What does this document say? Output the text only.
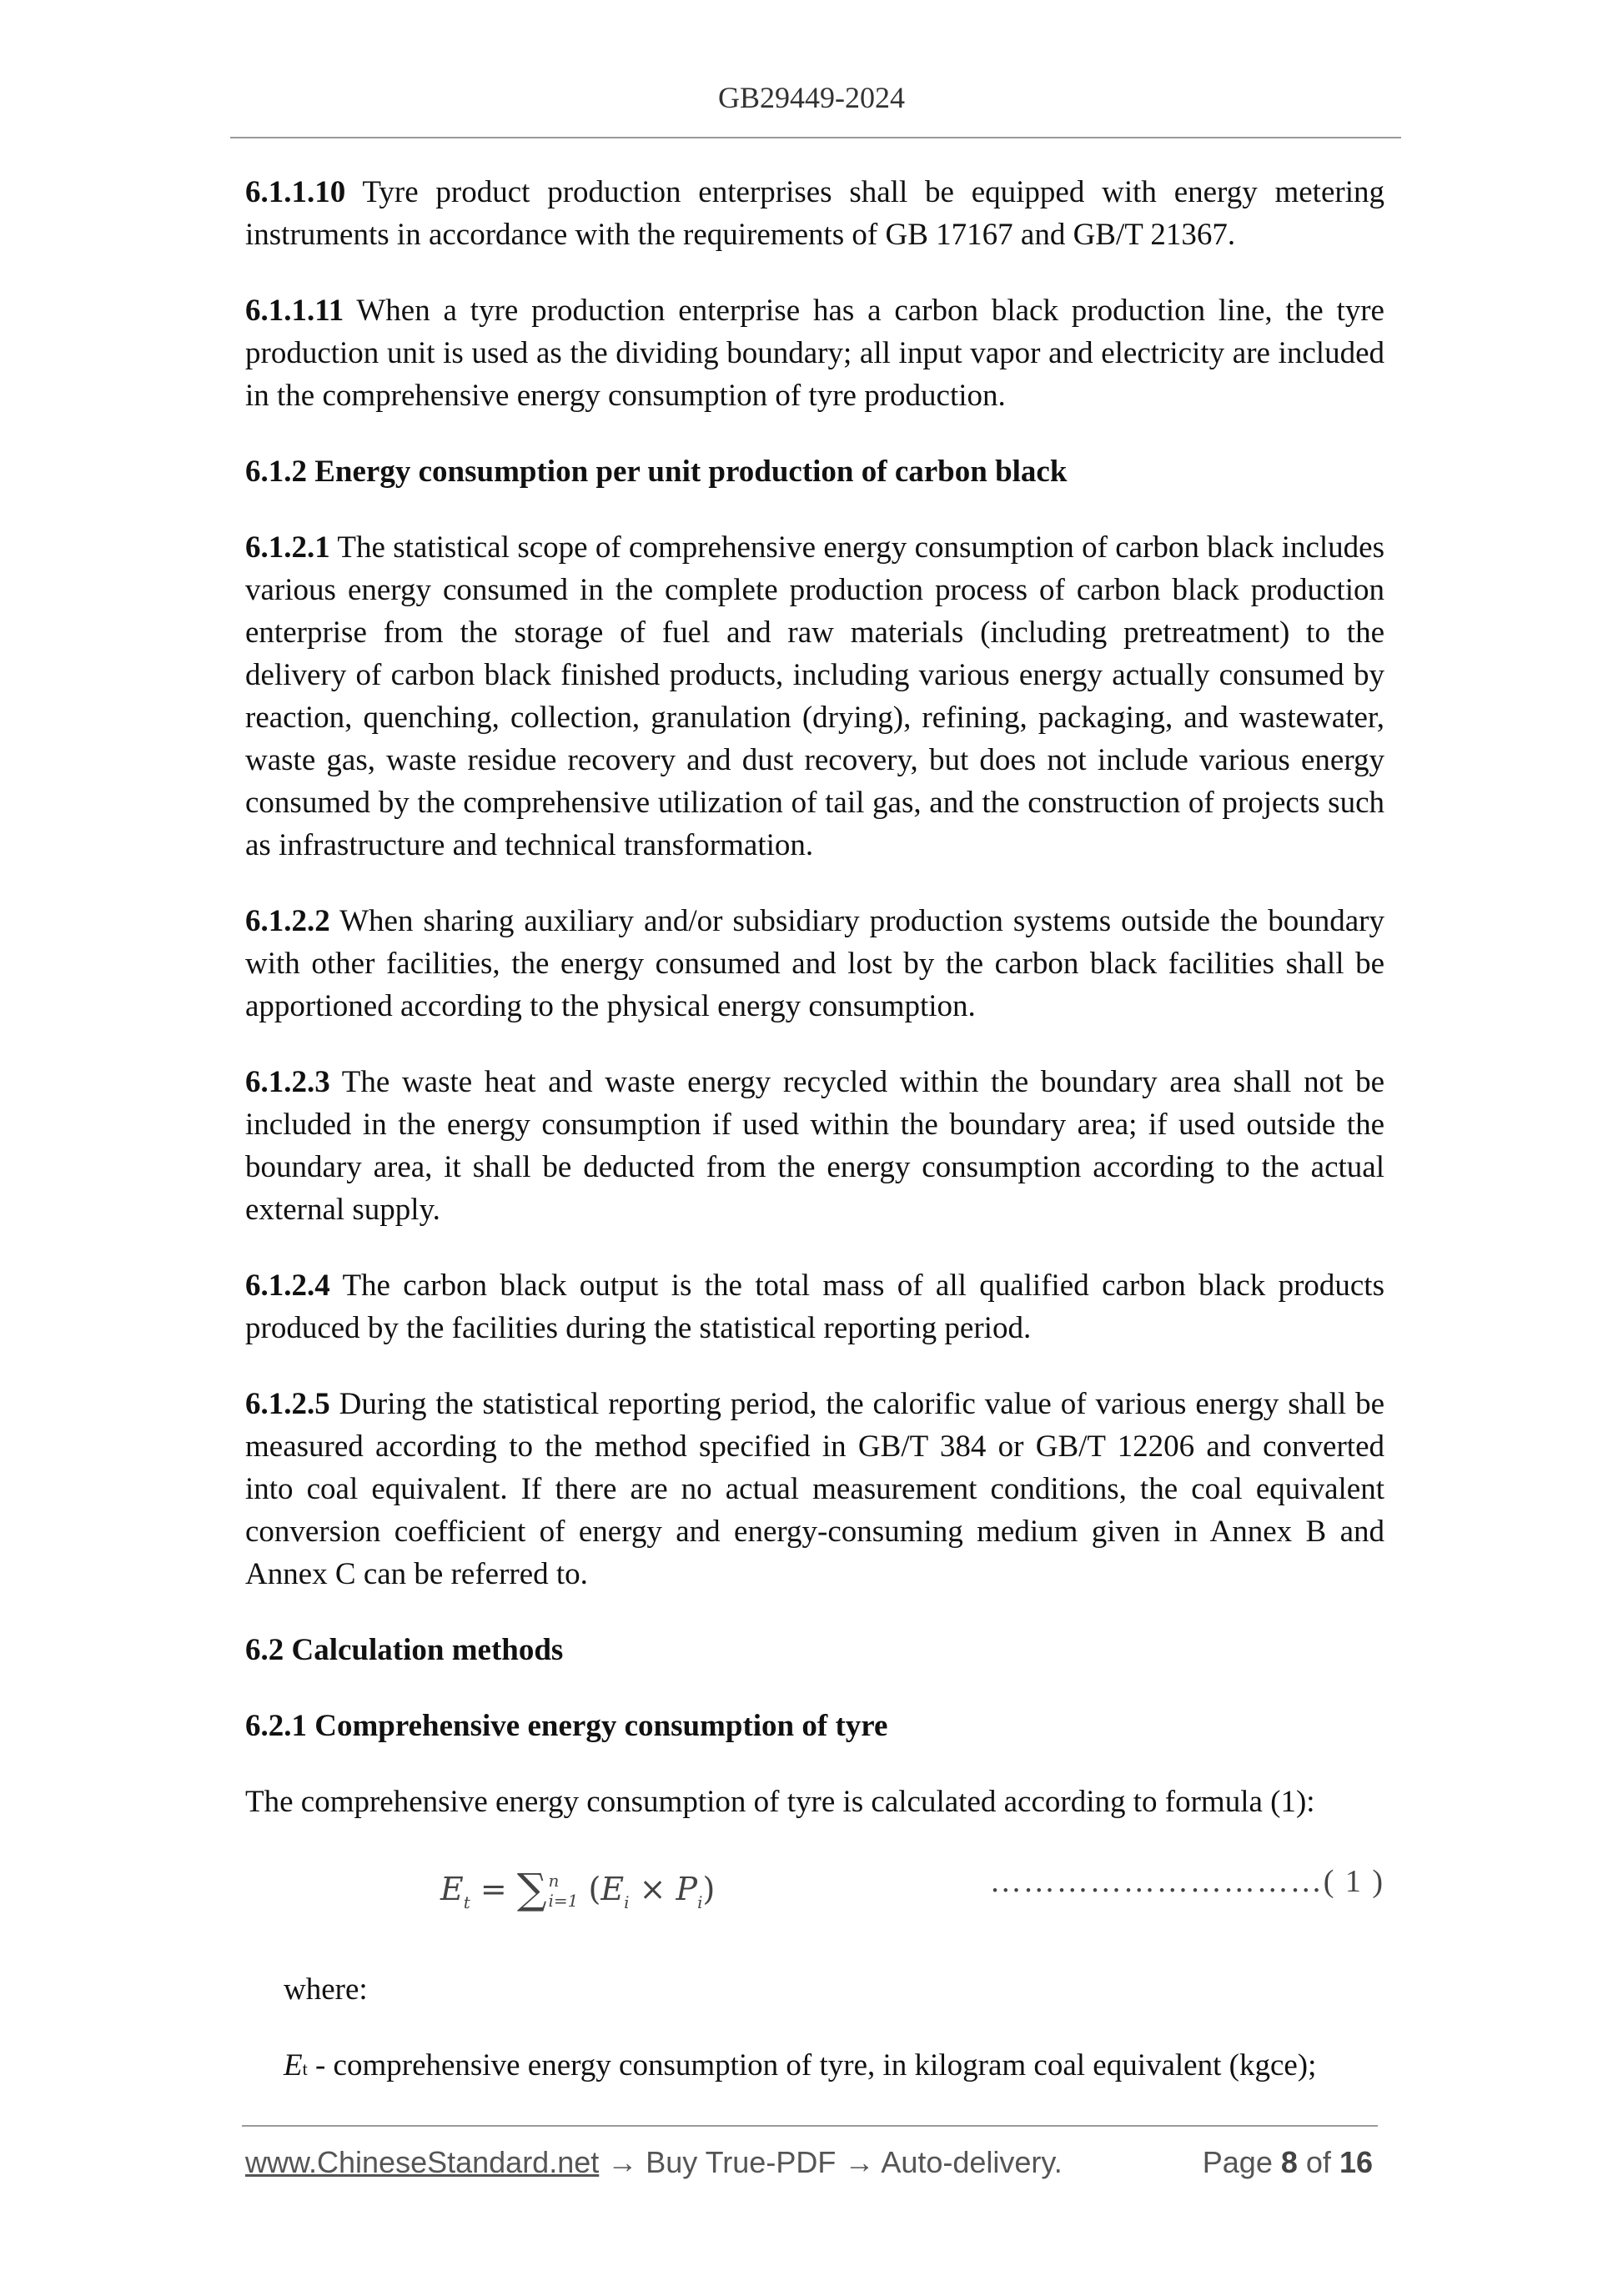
GB29449-2024

6.1.1.10 Tyre product production enterprises shall be equipped with energy metering instruments in accordance with the requirements of GB 17167 and GB/T 21367.

6.1.1.11 When a tyre production enterprise has a carbon black production line, the tyre production unit is used as the dividing boundary; all input vapor and electricity are included in the comprehensive energy consumption of tyre production.

6.1.2 Energy consumption per unit production of carbon black

6.1.2.1 The statistical scope of comprehensive energy consumption of carbon black includes various energy consumed in the complete production process of carbon black production enterprise from the storage of fuel and raw materials (including pretreatment) to the delivery of carbon black finished products, including various energy actually consumed by reaction, quenching, collection, granulation (drying), refining, packaging, and wastewater, waste gas, waste residue recovery and dust recovery, but does not include various energy consumed by the comprehensive utilization of tail gas, and the construction of projects such as infrastructure and technical transformation.

6.1.2.2 When sharing auxiliary and/or subsidiary production systems outside the boundary with other facilities, the energy consumed and lost by the carbon black facilities shall be apportioned according to the physical energy consumption.

6.1.2.3 The waste heat and waste energy recycled within the boundary area shall not be included in the energy consumption if used within the boundary area; if used outside the boundary area, it shall be deducted from the energy consumption according to the actual external supply.

6.1.2.4 The carbon black output is the total mass of all qualified carbon black products produced by the facilities during the statistical reporting period.

6.1.2.5 During the statistical reporting period, the calorific value of various energy shall be measured according to the method specified in GB/T 384 or GB/T 12206 and converted into coal equivalent. If there are no actual measurement conditions, the coal equivalent conversion coefficient of energy and energy-consuming medium given in Annex B and Annex C can be referred to.

6.2 Calculation methods
6.2.1 Comprehensive energy consumption of tyre

The comprehensive energy consumption of tyre is calculated according to formula (1):

$E_t$ = ∑ n
i=1 $(E_i \times P_i)$	…………………………( 1 )

where:

Et - comprehensive energy consumption of tyre, in kilogram coal equivalent (kgce);

www.ChineseStandard.net → Buy True-PDF → Auto-delivery.	Page 8 of 16
